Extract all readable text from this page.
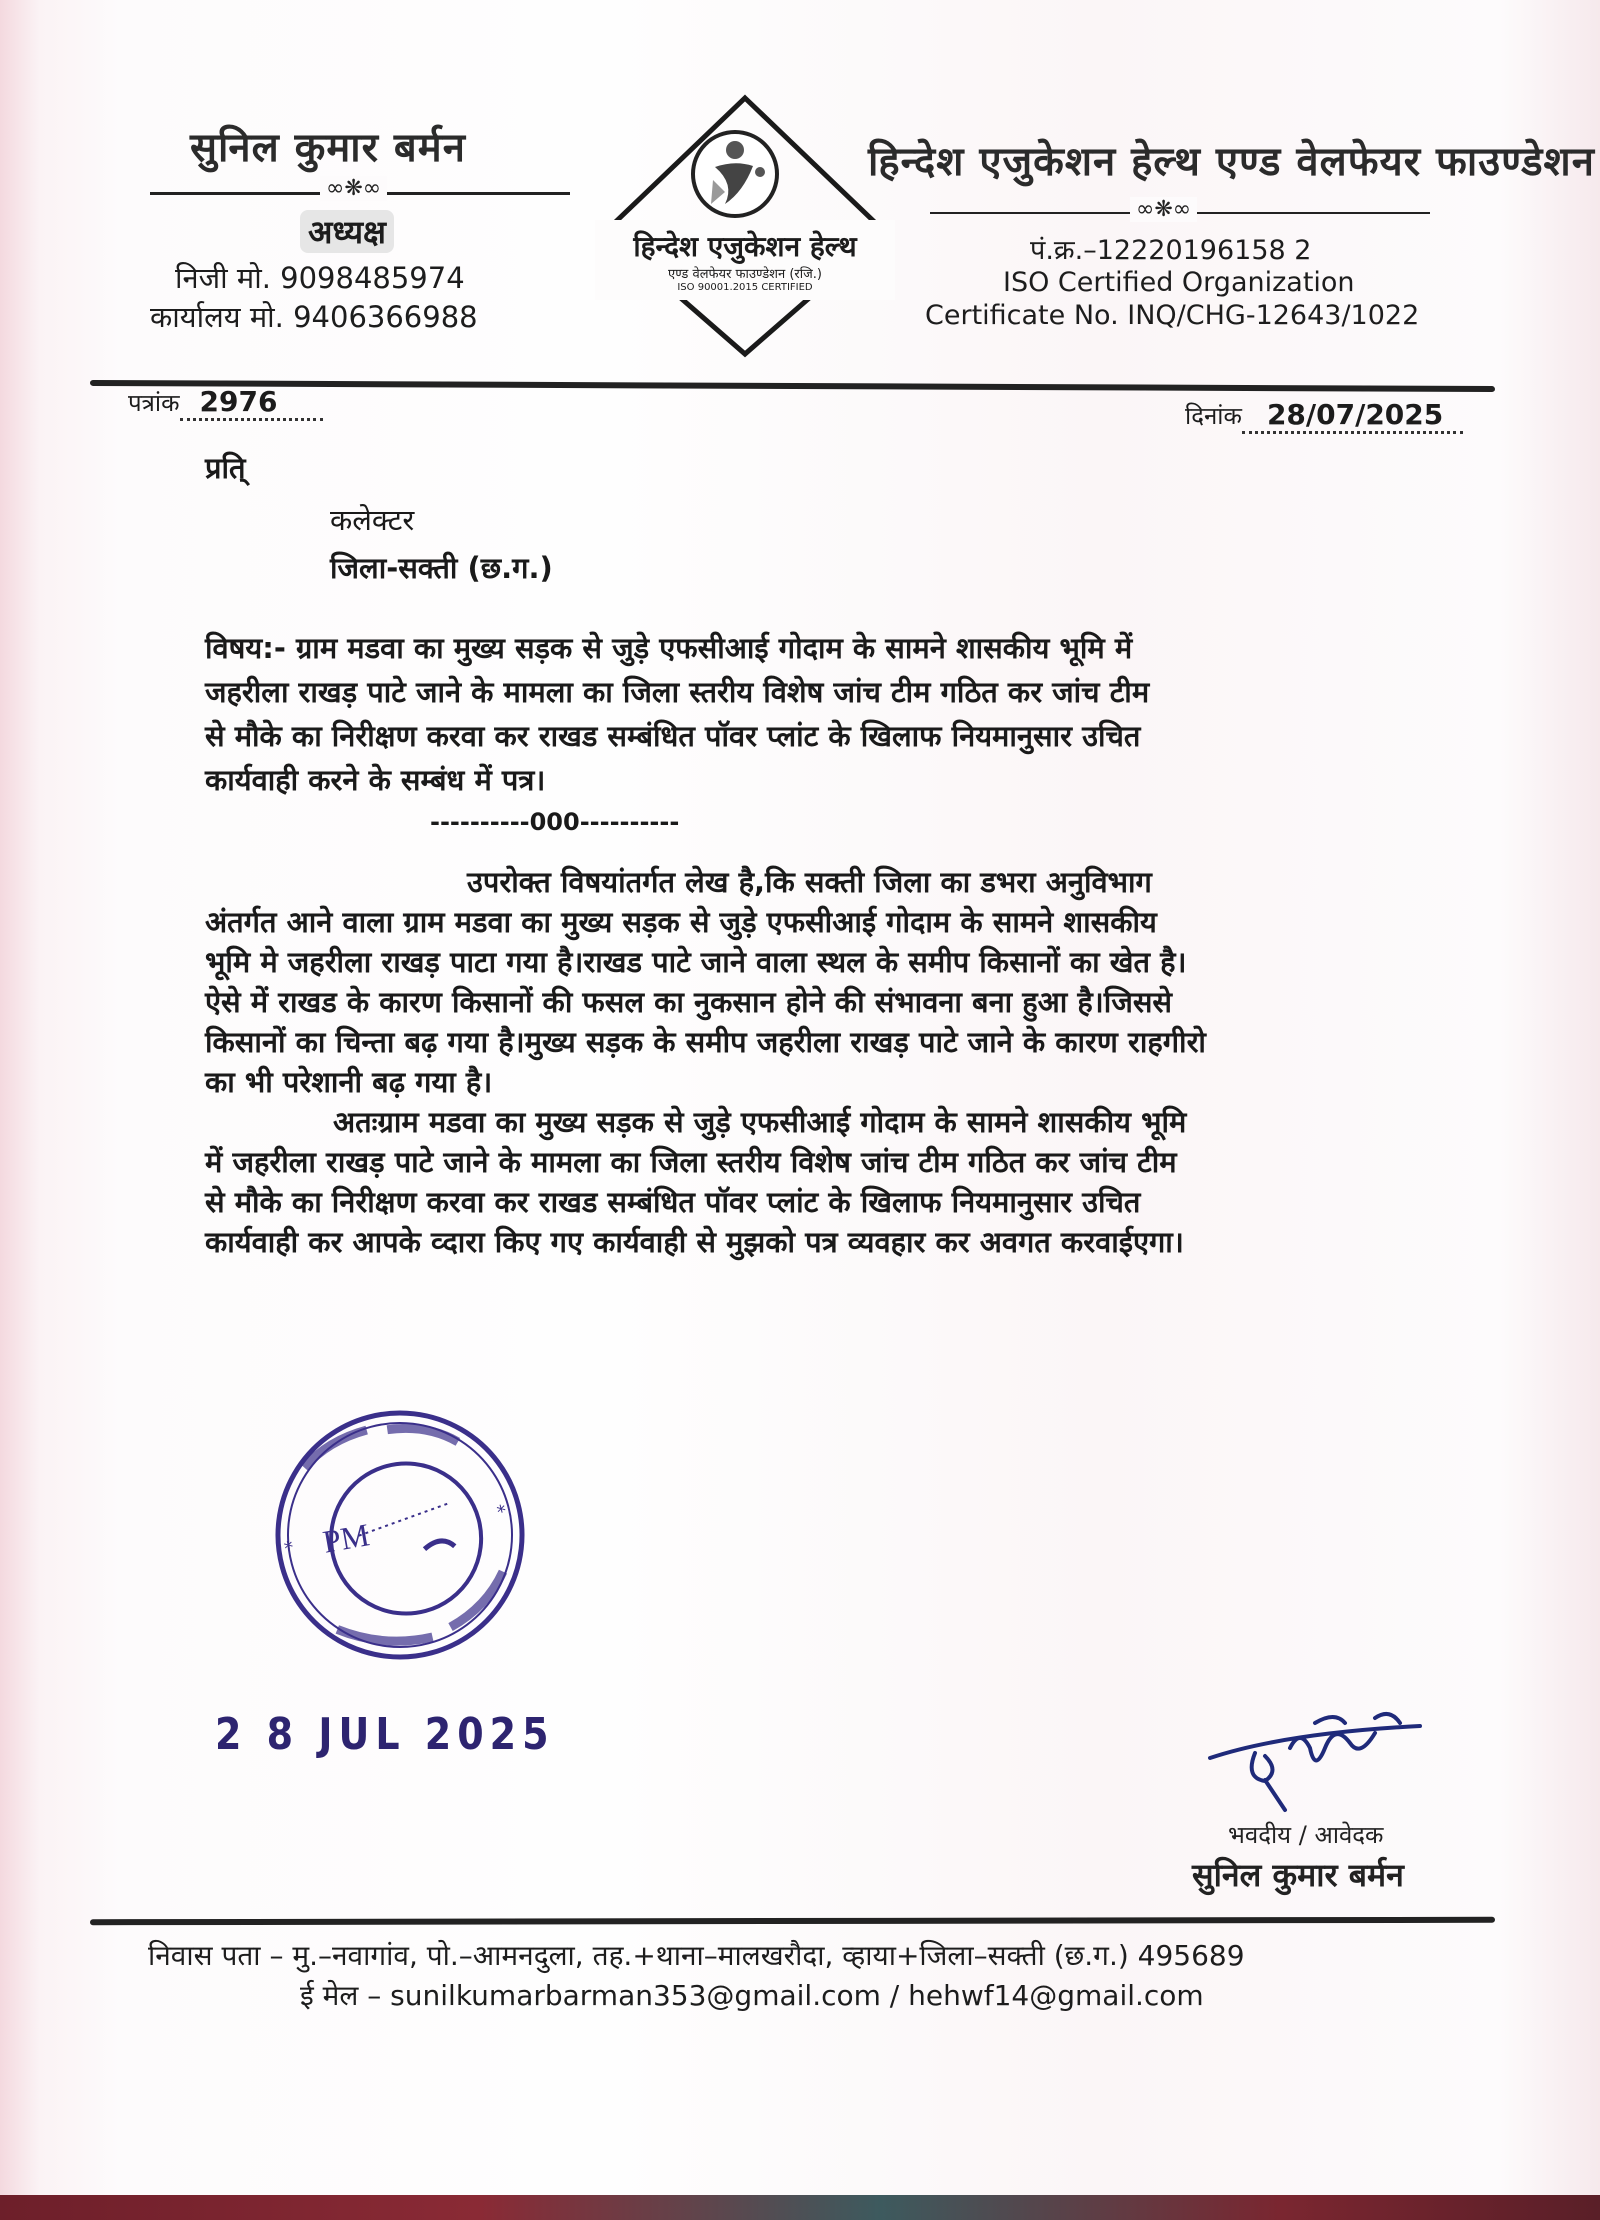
सुनिल कुमार बर्मन
∞❋∞
अध्यक्ष
निजी मो. 9098485974
कार्यालय मो. 9406366988
हिन्देश एजुकेशन हेल्थ
एण्ड वेलफेयर फाउण्डेशन (रजि.)
ISO 90001.2015 CERTIFIED
हिन्देश एजुकेशन हेल्थ एण्ड वेलफेयर फाउण्डेशन
∞❋∞
पं.क्र.–12220196158 2
ISO Certified Organization
Certificate No. INQ/CHG-12643/1022
पत्रांक 2976	दिनांक 28/07/2025
प्रति्
कलेक्टर
जिला-सक्ती (छ.ग.)
विषय:- ग्राम मडवा का मुख्य सड़क से जुड़े एफसीआई गोदाम के सामने शासकीय भूमि में
जहरीला राखड़ पाटे जाने के मामला का जिला स्तरीय विशेष जांच टीम गठित कर जांच टीम
से मौके का निरीक्षण करवा कर राखड सम्बंधित पॉवर प्लांट के खिलाफ नियमानुसार उचित
कार्यवाही करने के सम्बंध में पत्र।
----------000----------
उपरोक्त विषयांतर्गत लेख है,कि सक्ती जिला का डभरा अनुविभाग
अंतर्गत आने वाला ग्राम मडवा का मुख्य सड़क से जुड़े एफसीआई गोदाम के सामने शासकीय
भूमि मे जहरीला राखड़ पाटा गया है।राखड पाटे जाने वाला स्थल के समीप किसानों का खेत है।
ऐसे में राखड के कारण किसानों की फसल का नुकसान होने की संभावना बना हुआ है।जिससे
किसानों का चिन्ता बढ़ गया है।मुख्य सड़क के समीप जहरीला राखड़ पाटे जाने के कारण राहगीरो
का भी परेशानी बढ़ गया है।
अतःग्राम मडवा का मुख्य सड़क से जुड़े एफसीआई गोदाम के सामने शासकीय भूमि
में जहरीला राखड़ पाटे जाने के मामला का जिला स्तरीय विशेष जांच टीम गठित कर जांच टीम
से मौके का निरीक्षण करवा कर राखड सम्बंधित पॉवर प्लांट के खिलाफ नियमानुसार उचित
कार्यवाही कर आपके व्दारा किए गए कार्यवाही से मुझको पत्र व्यवहार कर अवगत करवाईएगा।
*
*
PM
2 8 JUL 2025
भवदीय / आवेदक
सुनिल कुमार बर्मन
निवास पता – मु.–नवागांव, पो.–आमनदुला, तह.+थाना–मालखरौदा, व्हाया+जिला–सक्ती (छ.ग.) 495689
ई मेल – sunilkumarbarman353@gmail.com / hehwf14@gmail.com
